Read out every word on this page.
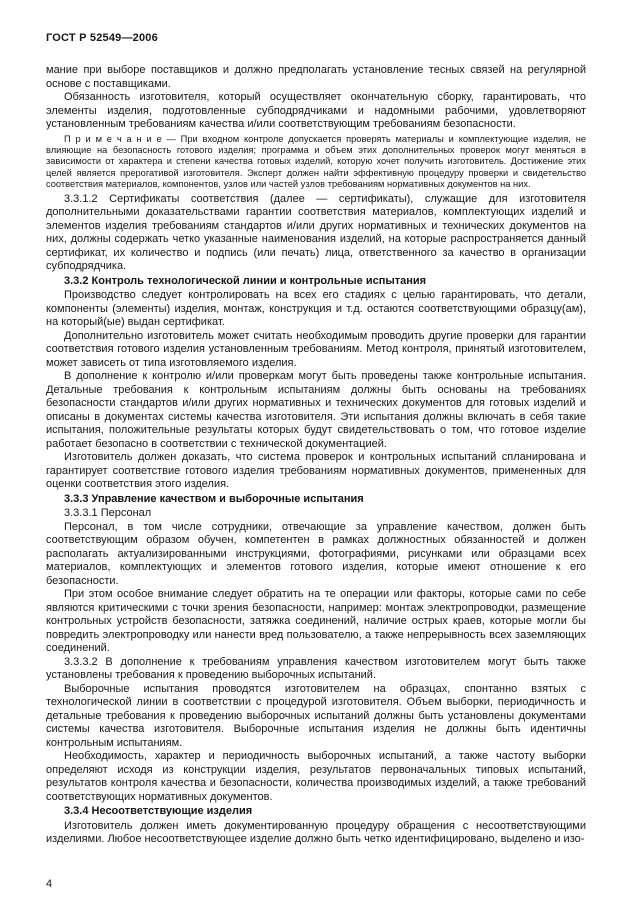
ГОСТ Р 52549—2006

мание при выборе поставщиков и должно предполагать установление тесных связей на регулярной основе с поставщиками.

Обязанность изготовителя, который осуществляет окончательную сборку, гарантировать, что элементы изделия, подготовленные субподрядчиками и надомными рабочими, удовлетворяют установленным требованиям качества и/или соответствующим требованиям безопасности.

П р и м е ч а н и е — При входном контроле допускается проверять материалы и комплектующие изделия, не влияющие на безопасность готового изделия; программа и объем этих дополнительных проверок могут меняться в зависимости от характера и степени качества готовых изделий, которую хочет получить изготовитель. Достижение этих целей является прерогативой изготовителя. Эксперт должен найти эффективную процедуру проверки и свидетельство соответствия материалов, компонентов, узлов или частей узлов требованиям нормативных документов на них.

3.3.1.2 Сертификаты соответствия (далее — сертификаты), служащие для изготовителя дополнительными доказательствами гарантии соответствия материалов, комплектующих изделий и элементов изделия требованиям стандартов и/или других нормативных и технических документов на них, должны содержать четко указанные наименования изделий, на которые распространяется данный сертификат, их количество и подпись (или печать) лица, ответственного за качество в организации субподрядчика.

3.3.2 Контроль технологической линии и контрольные испытания

Производство следует контролировать на всех его стадиях с целью гарантировать, что детали, компоненты (элементы) изделия, монтаж, конструкция и т.д. остаются соответствующими образцу(ам), на который(ые) выдан сертификат.

Дополнительно изготовитель может считать необходимым проводить другие проверки для гарантии соответствия готового изделия установленным требованиям. Метод контроля, принятый изготовителем, может зависеть от типа изготовляемого изделия.

В дополнение к контролю и/или проверкам могут быть проведены также контрольные испытания. Детальные требования к контрольным испытаниям должны быть основаны на требованиях безопасности стандартов и/или других нормативных и технических документов для готовых изделий и описаны в документах системы качества изготовителя. Эти испытания должны включать в себя такие испытания, положительные результаты которых будут свидетельствовать о том, что готовое изделие работает безопасно в соответствии с технической документацией.

Изготовитель должен доказать, что система проверок и контрольных испытаний спланирована и гарантирует соответствие готового изделия требованиям нормативных документов, примененных для оценки соответствия этого изделия.

3.3.3 Управление качеством и выборочные испытания

3.3.3.1 Персонал

Персонал, в том числе сотрудники, отвечающие за управление качеством, должен быть соответствующим образом обучен, компетентен в рамках должностных обязанностей и должен располагать актуализированными инструкциями, фотографиями, рисунками или образцами всех материалов, комплектующих и элементов готового изделия, которые имеют отношение к его безопасности.

При этом особое внимание следует обратить на те операции или факторы, которые сами по себе являются критическими с точки зрения безопасности, например: монтаж электропроводки, размещение контрольных устройств безопасности, затяжка соединений, наличие острых краев, которые могли бы повредить электропроводку или нанести вред пользователю, а также непрерывность всех заземляющих соединений.

3.3.3.2 В дополнение к требованиям управления качеством изготовителем могут быть также установлены требования к проведению выборочных испытаний.

Выборочные испытания проводятся изготовителем на образцах, спонтанно взятых с технологической линии в соответствии с процедурой изготовителя. Объем выборки, периодичность и детальные требования к проведению выборочных испытаний должны быть установлены документами системы качества изготовителя. Выборочные испытания изделия не должны быть идентичны контрольным испытаниям.

Необходимость, характер и периодичность выборочных испытаний, а также частоту выборки определяют исходя из конструкции изделия, результатов первоначальных типовых испытаний, результатов контроля качества и безопасности, количества производимых изделий, а также требований соответствующих нормативных документов.

3.3.4 Несоответствующие изделия

Изготовитель должен иметь документированную процедуру обращения с несоответствующими изделиями. Любое несоответствующее изделие должно быть четко идентифицировано, выделено и изо-

4
